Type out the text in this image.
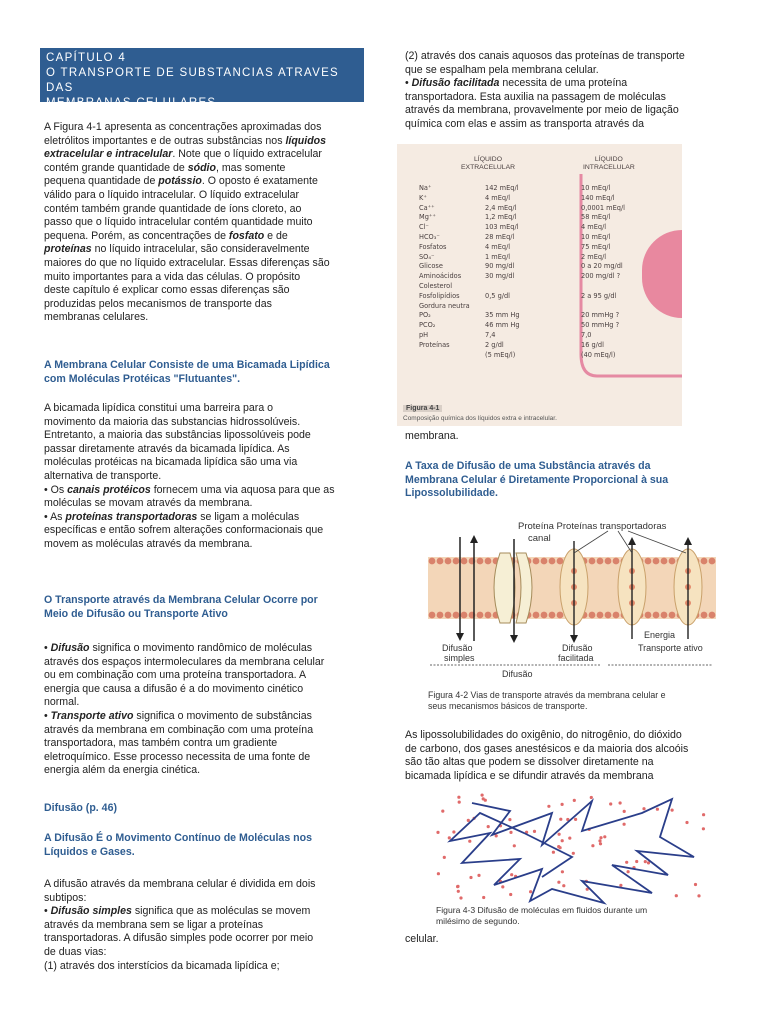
CAPÍTULO 4
O TRANSPORTE DE SUBSTANCIAS ATRAVES DAS
MEMBRANAS CELULARES.
A Figura 4-1 apresenta as concentrações aproximadas dos
eletrólitos importantes e de outras substâncias nos líquidos
extracelular e intracelular. Note que o líquido extracelular
contém grande quantidade de sódio, mas somente
pequena quantidade de potássio. O oposto é exatamente
válido para o líquido intracelular. O líquido extracelular
contém também grande quantidade de íons cloreto, ao
passo que o líquido intracelular contém quantidade muito
pequena. Porém, as concentrações de fosfato e de
proteínas no líquido intracelular, são consideravelmente
maiores do que no líquido extracelular. Essas diferenças são
muito importantes para a vida das células. O propósito
deste capítulo é explicar como essas diferenças são
produzidas pelos mecanismos de transporte das
membranas celulares.
A Membrana Celular Consiste de uma Bicamada Lipídica
com Moléculas Protéicas "Flutuantes".
A bicamada lipídica constitui uma barreira para o
movimento da maioria das substancias hidrossolúveis.
Entretanto, a maioria das substâncias lipossolúveis pode
passar diretamente através da bicamada lipídica. As
moléculas protéicas na bicamada lipídica são uma via
alternativa de transporte.
• Os canais protéicos fornecem uma via aquosa para que as
moléculas se movam através da membrana.
• As proteínas transportadoras se ligam a moléculas
específicas e então sofrem alterações conformacionais que
movem as moléculas através da membrana.
O Transporte através da Membrana Celular Ocorre por
Meio de Difusão ou Transporte Ativo
• Difusão significa o movimento randômico de moléculas
através dos espaços intermoleculares da membrana celular
ou em combinação com uma proteína transportadora. A
energia que causa a difusão é a do movimento cinético
normal.
• Transporte ativo significa o movimento de substâncias
através da membrana em combinação com uma proteína
transportadora, mas também contra um gradiente
eletroquímico. Esse processo necessita de uma fonte de
energia além da energia cinética.
Difusão (p. 46)
A Difusão É o Movimento Contínuo de Moléculas nos
Líquidos e Gases.
A difusão através da membrana celular é dividida em dois
subtipos:
• Difusão simples significa que as moléculas se movem
através da membrana sem se ligar a proteínas
transportadoras. A difusão simples pode ocorrer por meio
de duas vias:
(1) através dos interstícios da bicamada lipídica e;
(2) através dos canais aquosos das proteínas de transporte
que se espalham pela membrana celular.
• Difusão facilitada necessita de uma proteína
transportadora. Esta auxilia na passagem de moléculas
através da membrana, provavelmente por meio de ligação
química com elas e assim as transporta através da
LÍQUIDO
EXTRACELULAR
LÍQUIDO
INTRACELULAR
Na⁺	142 mEq/l	10 mEq/l
K⁺	4 mEq/l	140 mEq/l
Ca⁺⁺	2,4 mEq/l	0,0001 mEq/l
Mg⁺⁺	1,2 mEq/l	58 mEq/l
Cl⁻	103 mEq/l	4 mEq/l
HCO₃⁻	28 mEq/l	10 mEq/l
Fosfatos	4 mEq/l	75 mEq/l
SO₄⁻	1 mEq/l	2 mEq/l
Glicose	90 mg/dl	0 a 20 mg/dl
Aminoácidos	30 mg/dl	200 mg/dl ?
Colesterol
Fosfolipídios	0,5 g/dl	2 a 95 g/dl
Gordura neutra
PO₂	35 mm Hg	20 mmHg ?
PCO₂	46 mm Hg	50 mmHg ?
pH	7,4	7,0
Proteínas	2 g/dl	16 g/dl
(5 mEq/l)	(40 mEq/l)
Figura 4-1
Composição química dos líquidos extra e intracelular.
membrana.
A Taxa de Difusão de uma Substância através da
Membrana Celular é Diretamente Proporcional à sua
Lipossolubilidade.
Proteína Proteínas transportadoras
canal
Energia
Difusão
simples
Difusão
facilitada
Transporte ativo
Difusão
Figura 4-2 Vias de transporte através da membrana celular e
seus mecanismos básicos de transporte.
As lipossolubilidades do oxigênio, do nitrogênio, do dióxido
de carbono, dos gases anestésicos e da maioria dos alcoóis
são tão altas que podem se dissolver diretamente na
bicamada lipídica e se difundir através da membrana
Figura 4-3 Difusão de moléculas em fluidos durante um
milésimo de segundo.
celular.
